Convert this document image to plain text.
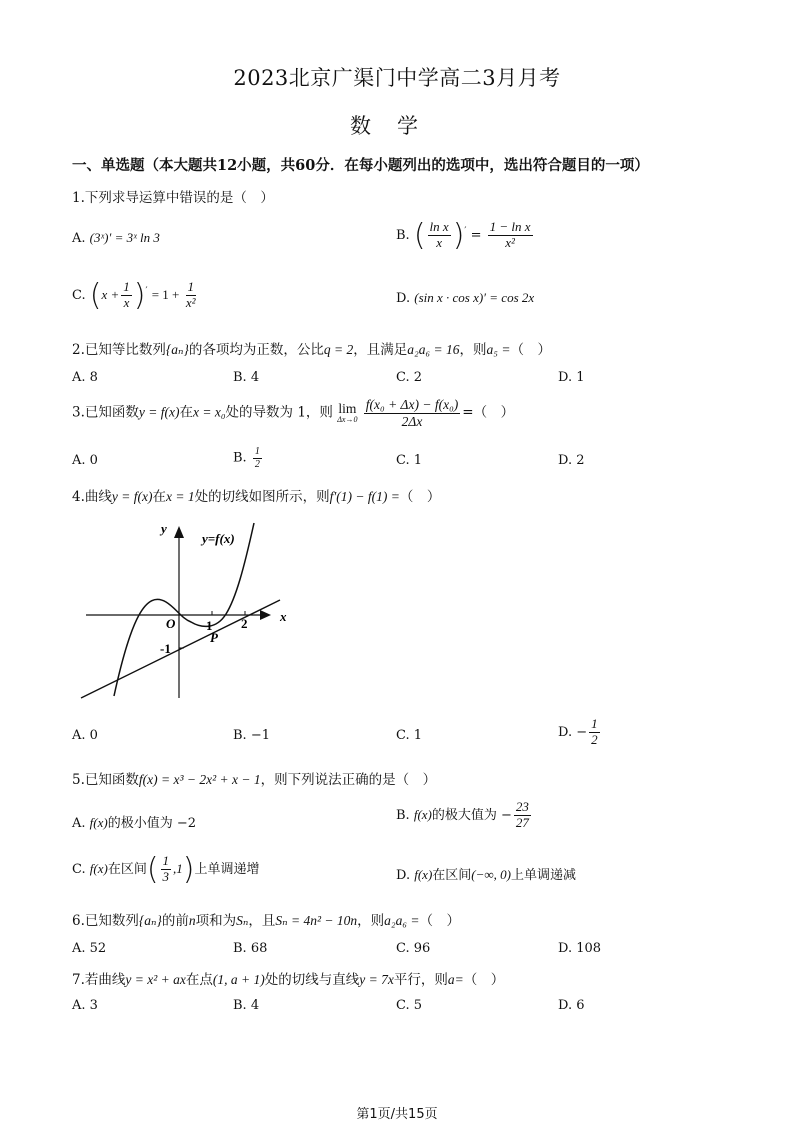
2023北京广渠门中学高二3月月考
数学
一、单选题（本大题共12小题，共60分．在每小题列出的选项中，选出符合题目的一项）
1.下列求导运算中错误的是（　）
A. (3ˣ)′ = 3ˣ ln 3	B. ( $\frac{\text{ln x}}{x} )' = \frac{\text{1 − ln x}}{\text{x²}}$
C. $(x + \frac{1}{x} )' = 1 + \frac{1}{\text{x²}}$	D. (sin x · cos x)′ = cos 2x
2.已知等比数列{aₙ}的各项均为正数，公比q = 2，且满足a₂a₆ = 16，则a₅ =（　）
A. 8	B. 4	C. 2	D. 1
3.已知函数y = f(x)在x = x₀处的导数为 1，则 lim
Δx→0
$\frac{\text{f(x₀ + Δx) − f(x₀)}}{2\Delta x}$ =（　）
A. 0	B. $\frac{1}{2}$	C. 1	D. 2
4.曲线y = f(x)在x = 1处的切线如图所示，则f′(1) − f(1) =（　）
y
x
y=f(x)
O 1 2
-1
P
A. 0	B. −1	C. 1	D. − $\frac{1}{2}$
5.已知函数f(x) = x³ − 2x² + x − 1，则下列说法正确的是（　）
A. f(x)的极小值为 −2
B. f(x)的极大值为 − $\frac{23}{27}$
C. f(x)在区间( $\frac{1}{3} ,1$)上单调递增	D. f(x)在区间(−∞, 0)上单调递减
6.已知数列{aₙ}的前n项和为Sₙ，且Sₙ = 4n² − 10n，则a₂a₆ =（　）
A. 52	B. 68	C. 96	D. 108
7.若曲线y = x² + ax在点(1, a + 1)处的切线与直线y = 7x平行，则a=（　）
A. 3	B. 4	C. 5	D. 6
第1页/共15页
